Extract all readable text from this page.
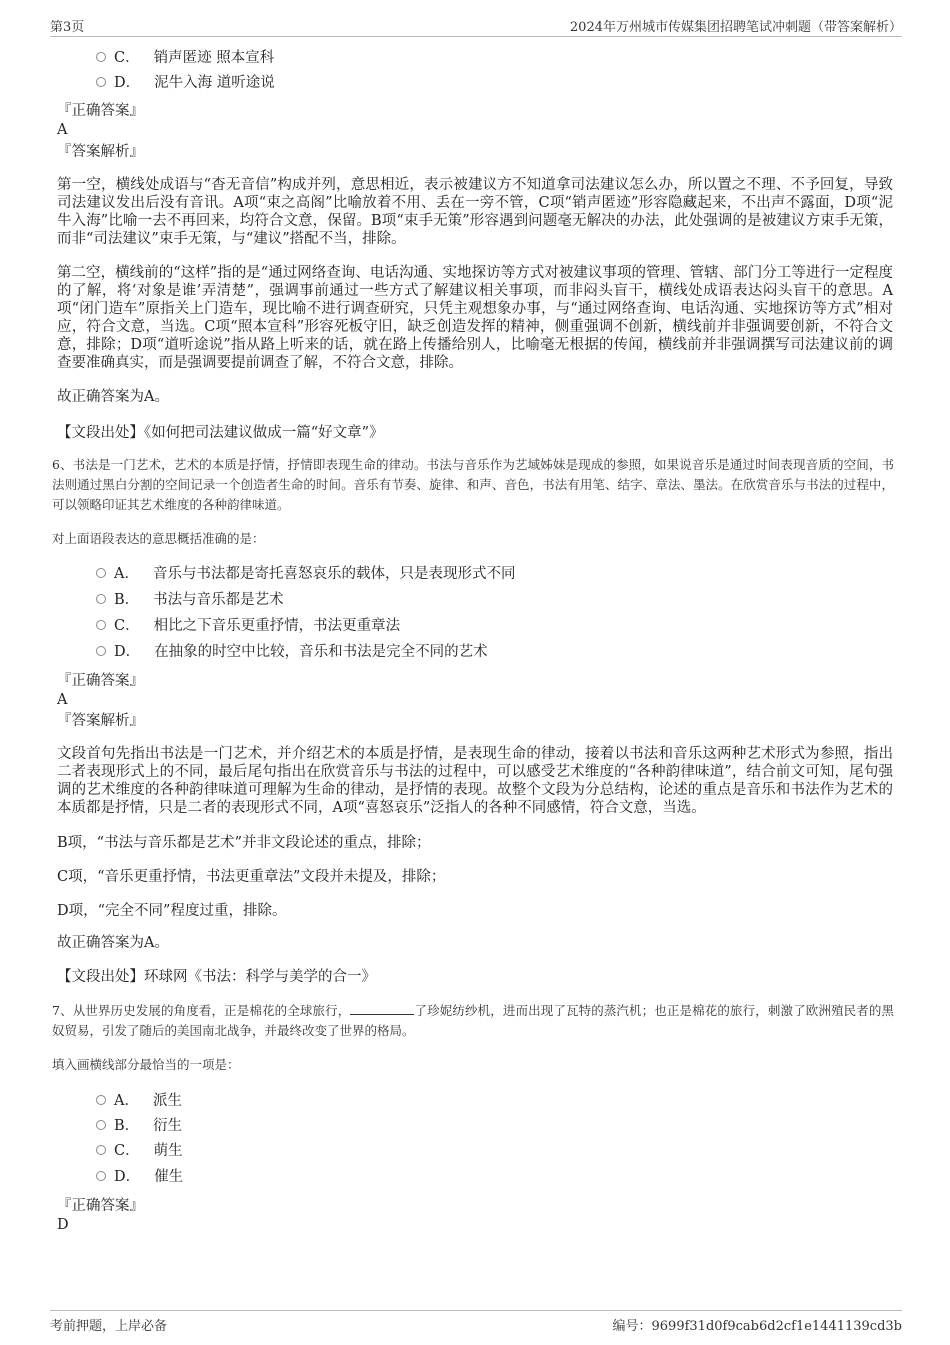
第3页	2024年万州城市传媒集团招聘笔试冲刺题（带答案解析）
C． 销声匿迹 照本宣科
D． 泥牛入海 道听途说
『正确答案』
A
『答案解析』

第一空，横线处成语与“杳无音信”构成并列，意思相近，表示被建议方不知道拿司法建议怎么办，所以置之不理、不予回复，导致司法建议发出后没有音讯。A项“束之高阁”比喻放着不用、丢在一旁不管，C项“销声匿迹”形容隐藏起来，不出声不露面，D项“泥牛入海”比喻一去不再回来，均符合文意，保留。B项“束手无策”形容遇到问题毫无解决的办法，此处强调的是被建议方束手无策，而非“司法建议”束手无策，与“建议”搭配不当，排除。

第二空，横线前的“这样”指的是“通过网络查询、电话沟通、实地探访等方式对被建议事项的管理、管辖、部门分工等进行一定程度的了解，将‘对象是谁’弄清楚”，强调事前通过一些方式了解建议相关事项，而非闷头盲干，横线处成语表达闷头盲干的意思。A项“闭门造车”原指关上门造车，现比喻不进行调查研究，只凭主观想象办事，与“通过网络查询、电话沟通、实地探访等方式”相对应，符合文意，当选。C项“照本宣科”形容死板守旧，缺乏创造发挥的精神，侧重强调不创新，横线前并非强调要创新，不符合文意，排除；D项“道听途说”指从路上听来的话，就在路上传播给别人，比喻毫无根据的传闻，横线前并非强调撰写司法建议前的调查要准确真实，而是强调要提前调查了解，不符合文意，排除。

故正确答案为A。

【文段出处】《如何把司法建议做成一篇“好文章”》

6、书法是一门艺术，艺术的本质是抒情，抒情即表现生命的律动。书法与音乐作为艺域姊妹是现成的参照，如果说音乐是通过时间表现音质的空间，书法则通过黑白分割的空间记录一个创造者生命的时间。音乐有节奏、旋律、和声、音色，书法有用笔、结字、章法、墨法。在欣赏音乐与书法的过程中，可以领略印证其艺术维度的各种韵律味道。

对上面语段表达的意思概括准确的是：
A． 音乐与书法都是寄托喜怒哀乐的载体，只是表现形式不同
B． 书法与音乐都是艺术
C． 相比之下音乐更重抒情，书法更重章法
D． 在抽象的时空中比较，音乐和书法是完全不同的艺术
『正确答案』
A
『答案解析』

文段首句先指出书法是一门艺术，并介绍艺术的本质是抒情，是表现生命的律动，接着以书法和音乐这两种艺术形式为参照，指出二者表现形式上的不同，最后尾句指出在欣赏音乐与书法的过程中，可以感受艺术维度的“各种韵律味道”，结合前文可知，尾句强调的艺术维度的各种韵律味道可理解为生命的律动，是抒情的表现。故整个文段为分总结构，论述的重点是音乐和书法作为艺术的本质都是抒情，只是二者的表现形式不同，A项“喜怒哀乐”泛指人的各种不同感情，符合文意，当选。

B项，“书法与音乐都是艺术”并非文段论述的重点，排除；

C项，“音乐更重抒情，书法更重章法”文段并未提及，排除；

D项，“完全不同”程度过重，排除。

故正确答案为A。

【文段出处】环球网《书法：科学与美学的合一》

7、从世界历史发展的角度看，正是棉花的全球旅行，	了珍妮纺纱机，进而出现了瓦特的蒸汽机；也正是棉花的旅行，刺激了欧洲殖民者的黑奴贸易，引发了随后的美国南北战争，并最终改变了世界的格局。

填入画横线部分最恰当的一项是：
A． 派生
B． 衍生
C． 萌生
D． 催生
『正确答案』
D
考前押题，上岸必备	编号：9699f31d0f9cab6d2cf1e1441139cd3b
